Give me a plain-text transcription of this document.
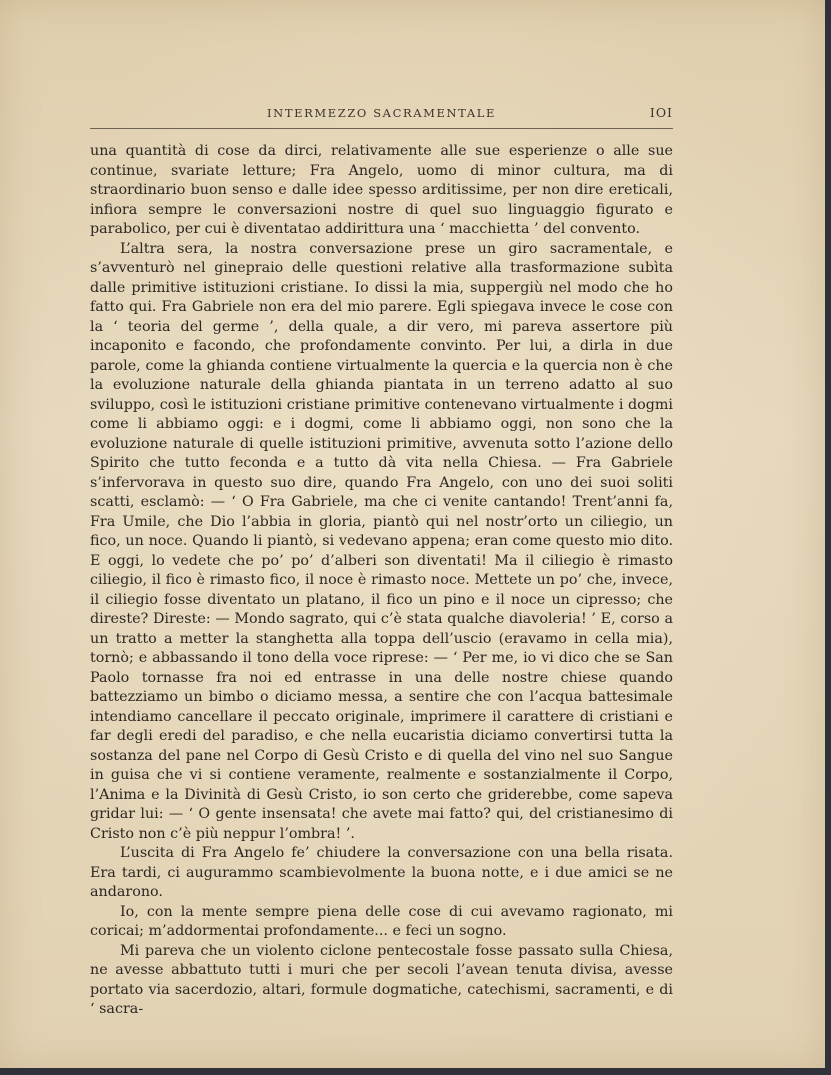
INTERMEZZO SACRAMENTALE	IOI

una quantità di cose da dirci, relativamente alle sue esperienze o alle sue continue, svariate letture; Fra Angelo, uomo di minor cultura, ma di straordinario buon senso e dalle idee spesso arditissime, per non dire ereticali, infiora sempre le conversazioni nostre di quel suo linguaggio figurato e parabolico, per cui è diventatao addirittura una ‘ macchietta ’ del convento.

L’altra sera, la nostra conversazione prese un giro sacramentale, e s’avventurò nel ginepraio delle questioni relative alla trasformazione subìta dalle primitive istituzioni cristiane. Io dissi la mia, suppergiù nel modo che ho fatto qui. Fra Gabriele non era del mio parere. Egli spiegava invece le cose con la ‘ teoria del germe ’, della quale, a dir vero, mi pareva assertore più incaponito e facondo, che profondamente convinto. Per lui, a dirla in due parole, come la ghianda contiene virtualmente la quercia e la quercia non è che la evoluzione naturale della ghianda piantata in un terreno adatto al suo sviluppo, così le istituzioni cristiane primitive contenevano virtualmente i dogmi come li abbiamo oggi: e i dogmi, come li abbiamo oggi, non sono che la evoluzione naturale di quelle istituzioni primitive, avvenuta sotto l’azione dello Spirito che tutto feconda e a tutto dà vita nella Chiesa. — Fra Gabriele s’infervorava in questo suo dire, quando Fra Angelo, con uno dei suoi soliti scatti, esclamò: — ‘ O Fra Gabriele, ma che ci venite cantando! Trent’anni fa, Fra Umile, che Dio l’abbia in gloria, piantò qui nel nostr’orto un ciliegio, un fico, un noce. Quando li piantò, si vedevano appena; eran come questo mio dito. E oggi, lo vedete che po’ po’ d’alberi son diventati! Ma il ciliegio è rimasto ciliegio, il fico è rimasto fico, il noce è rimasto noce. Mettete un po’ che, invece, il ciliegio fosse diventato un platano, il fico un pino e il noce un cipresso; che direste? Direste: — Mondo sagrato, qui c’è stata qualche diavoleria! ’ E, corso a un tratto a metter la stanghetta alla toppa dell’uscio (eravamo in cella mia), tornò; e abbassando il tono della voce riprese: — ‘ Per me, io vi dico che se San Paolo tornasse fra noi ed entrasse in una delle nostre chiese quando battezziamo un bimbo o diciamo messa, a sentire che con l’acqua battesimale intendiamo cancellare il peccato originale, imprimere il carattere di cristiani e far degli eredi del paradiso, e che nella eucaristia diciamo convertirsi tutta la sostanza del pane nel Corpo di Gesù Cristo e di quella del vino nel suo Sangue in guisa che vi si contiene veramente, realmente e sostanzialmente il Corpo, l’Anima e la Divinità di Gesù Cristo, io son certo che griderebbe, come sapeva gridar lui: — ‘ O gente insensata! che avete mai fatto? qui, del cristianesimo di Cristo non c’è più neppur l’ombra! ’.

L’uscita di Fra Angelo fe’ chiudere la conversazione con una bella risata. Era tardi, ci augurammo scambievolmente la buona notte, e i due amici se ne andarono.

Io, con la mente sempre piena delle cose di cui avevamo ragionato, mi coricai; m’addormentai profondamente... e feci un sogno.

Mi pareva che un violento ciclone pentecostale fosse passato sulla Chiesa, ne avesse abbattuto tutti i muri che per secoli l’avean tenuta divisa, avesse portato via sacerdozio, altari, formule dogmatiche, catechismi, sacramenti, e di ‘ sacra-
